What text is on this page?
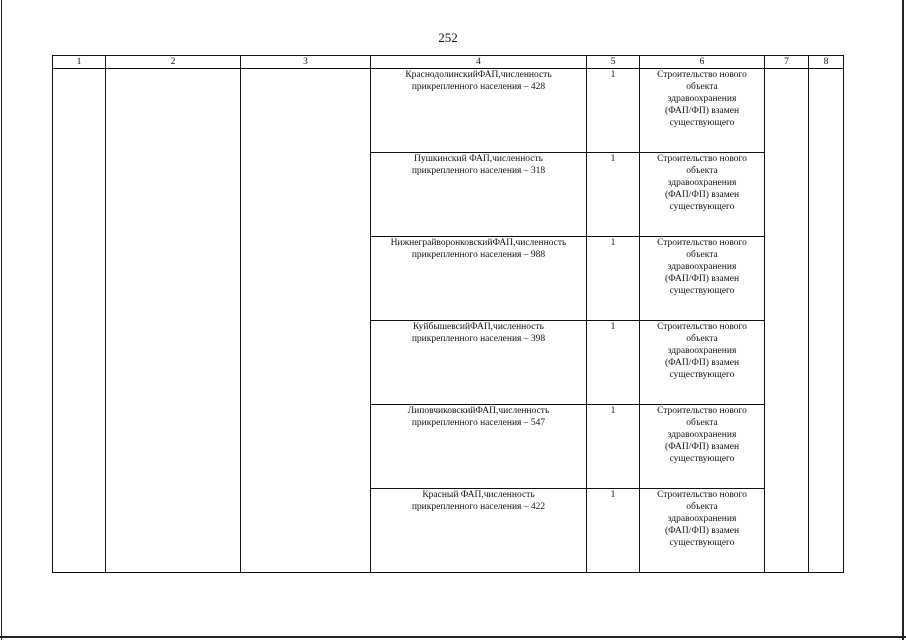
252
1	2	3	4	5	6	7	8

			КраснодолинскийФАП,численность
прикрепленного населения – 428	1	Строительство нового
объекта
здравоохранения
(ФАП/ФП) взамен
существующего		

			Пушкинский ФАП,численность
прикрепленного населения – 318	1	Строительство нового
объекта
здравоохранения
(ФАП/ФП) взамен
существующего		

			НижнеграйворонковскийФАП,численность
прикрепленного населения – 988	1	Строительство нового
объекта
здравоохранения
(ФАП/ФП) взамен
существующего		

			КуйбышевсийФАП,численность
прикрепленного населения – 398	1	Строительство нового
объекта
здравоохранения
(ФАП/ФП) взамен
существующего		

			ЛиповчиковскийФАП,численность
прикрепленного населения – 547	1	Строительство нового
объекта
здравоохранения
(ФАП/ФП) взамен
существующего		

			Красный ФАП,численность
прикрепленного населения – 422	1	Строительство нового
объекта
здравоохранения
(ФАП/ФП) взамен
существующего		
